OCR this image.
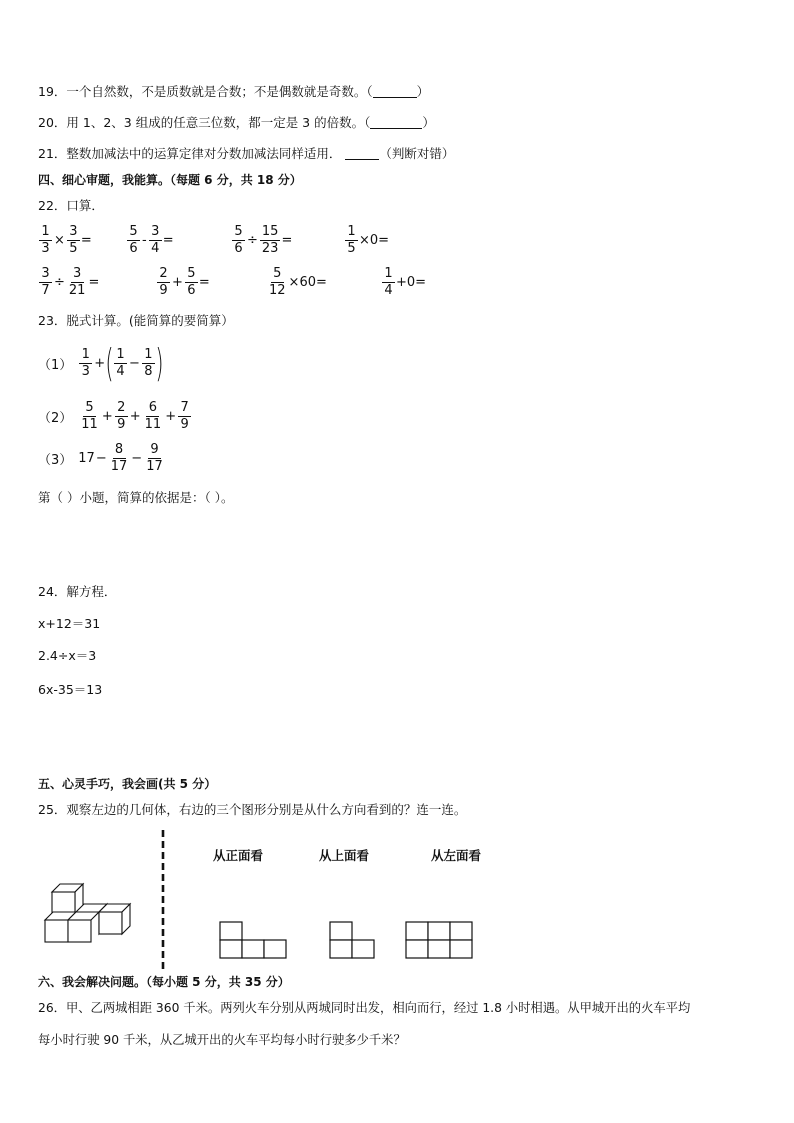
19．一个自然数，不是质数就是合数；不是偶数就是奇数。（	）
20．用 1、2、3 组成的任意三位数，都一定是 3 的倍数。（	）
21．整数加减法中的运算定律对分数加减法同样适用．	（判断对错）
四、细心审题，我能算。（每题 6 分，共 18 分）
22．口算．
$\frac{1}{3} \times \frac{3}{5}$ =	$\frac{5}{6} - \frac{3}{4}$ =	$\frac{5}{6} \div \frac{15}{23}$ =	$\frac{1}{5} \times 0=$
$\frac{3}{7} \div \frac{3}{21}$ =	$\frac{2}{9} + \frac{5}{6}$ =	$\frac{5}{12} \times 60=$	$\frac{1}{4} +0=$
23．脱式计算。(能简算的要简算）
$(1) \frac{1}{3}$ + ( $\frac{1}{4} - \frac{1}{8}$ )
$(2) \frac{5}{11} + \frac{2}{9} + \frac{6}{11} + \frac{7}{9}$
（3） $17 - \frac{8}{17} - \frac{9}{17}$
第（ ）小题，简算的依据是：（ ）。
24．解方程．
x+12＝31
2.4÷x＝3
6x-35＝13
五、心灵手巧，我会画(共 5 分）
25．观察左边的几何体，右边的三个图形分别是从什么方向看到的？连一连。
从正面看	从上面看	从左面看
六、我会解决问题。（每小题 5 分，共 35 分）
26．甲、乙两城相距 360 千米。两列火车分别从两城同时出发，相向而行，经过 1.8 小时相遇。从甲城开出的火车平均
每小时行驶 90 千米，从乙城开出的火车平均每小时行驶多少千米？
